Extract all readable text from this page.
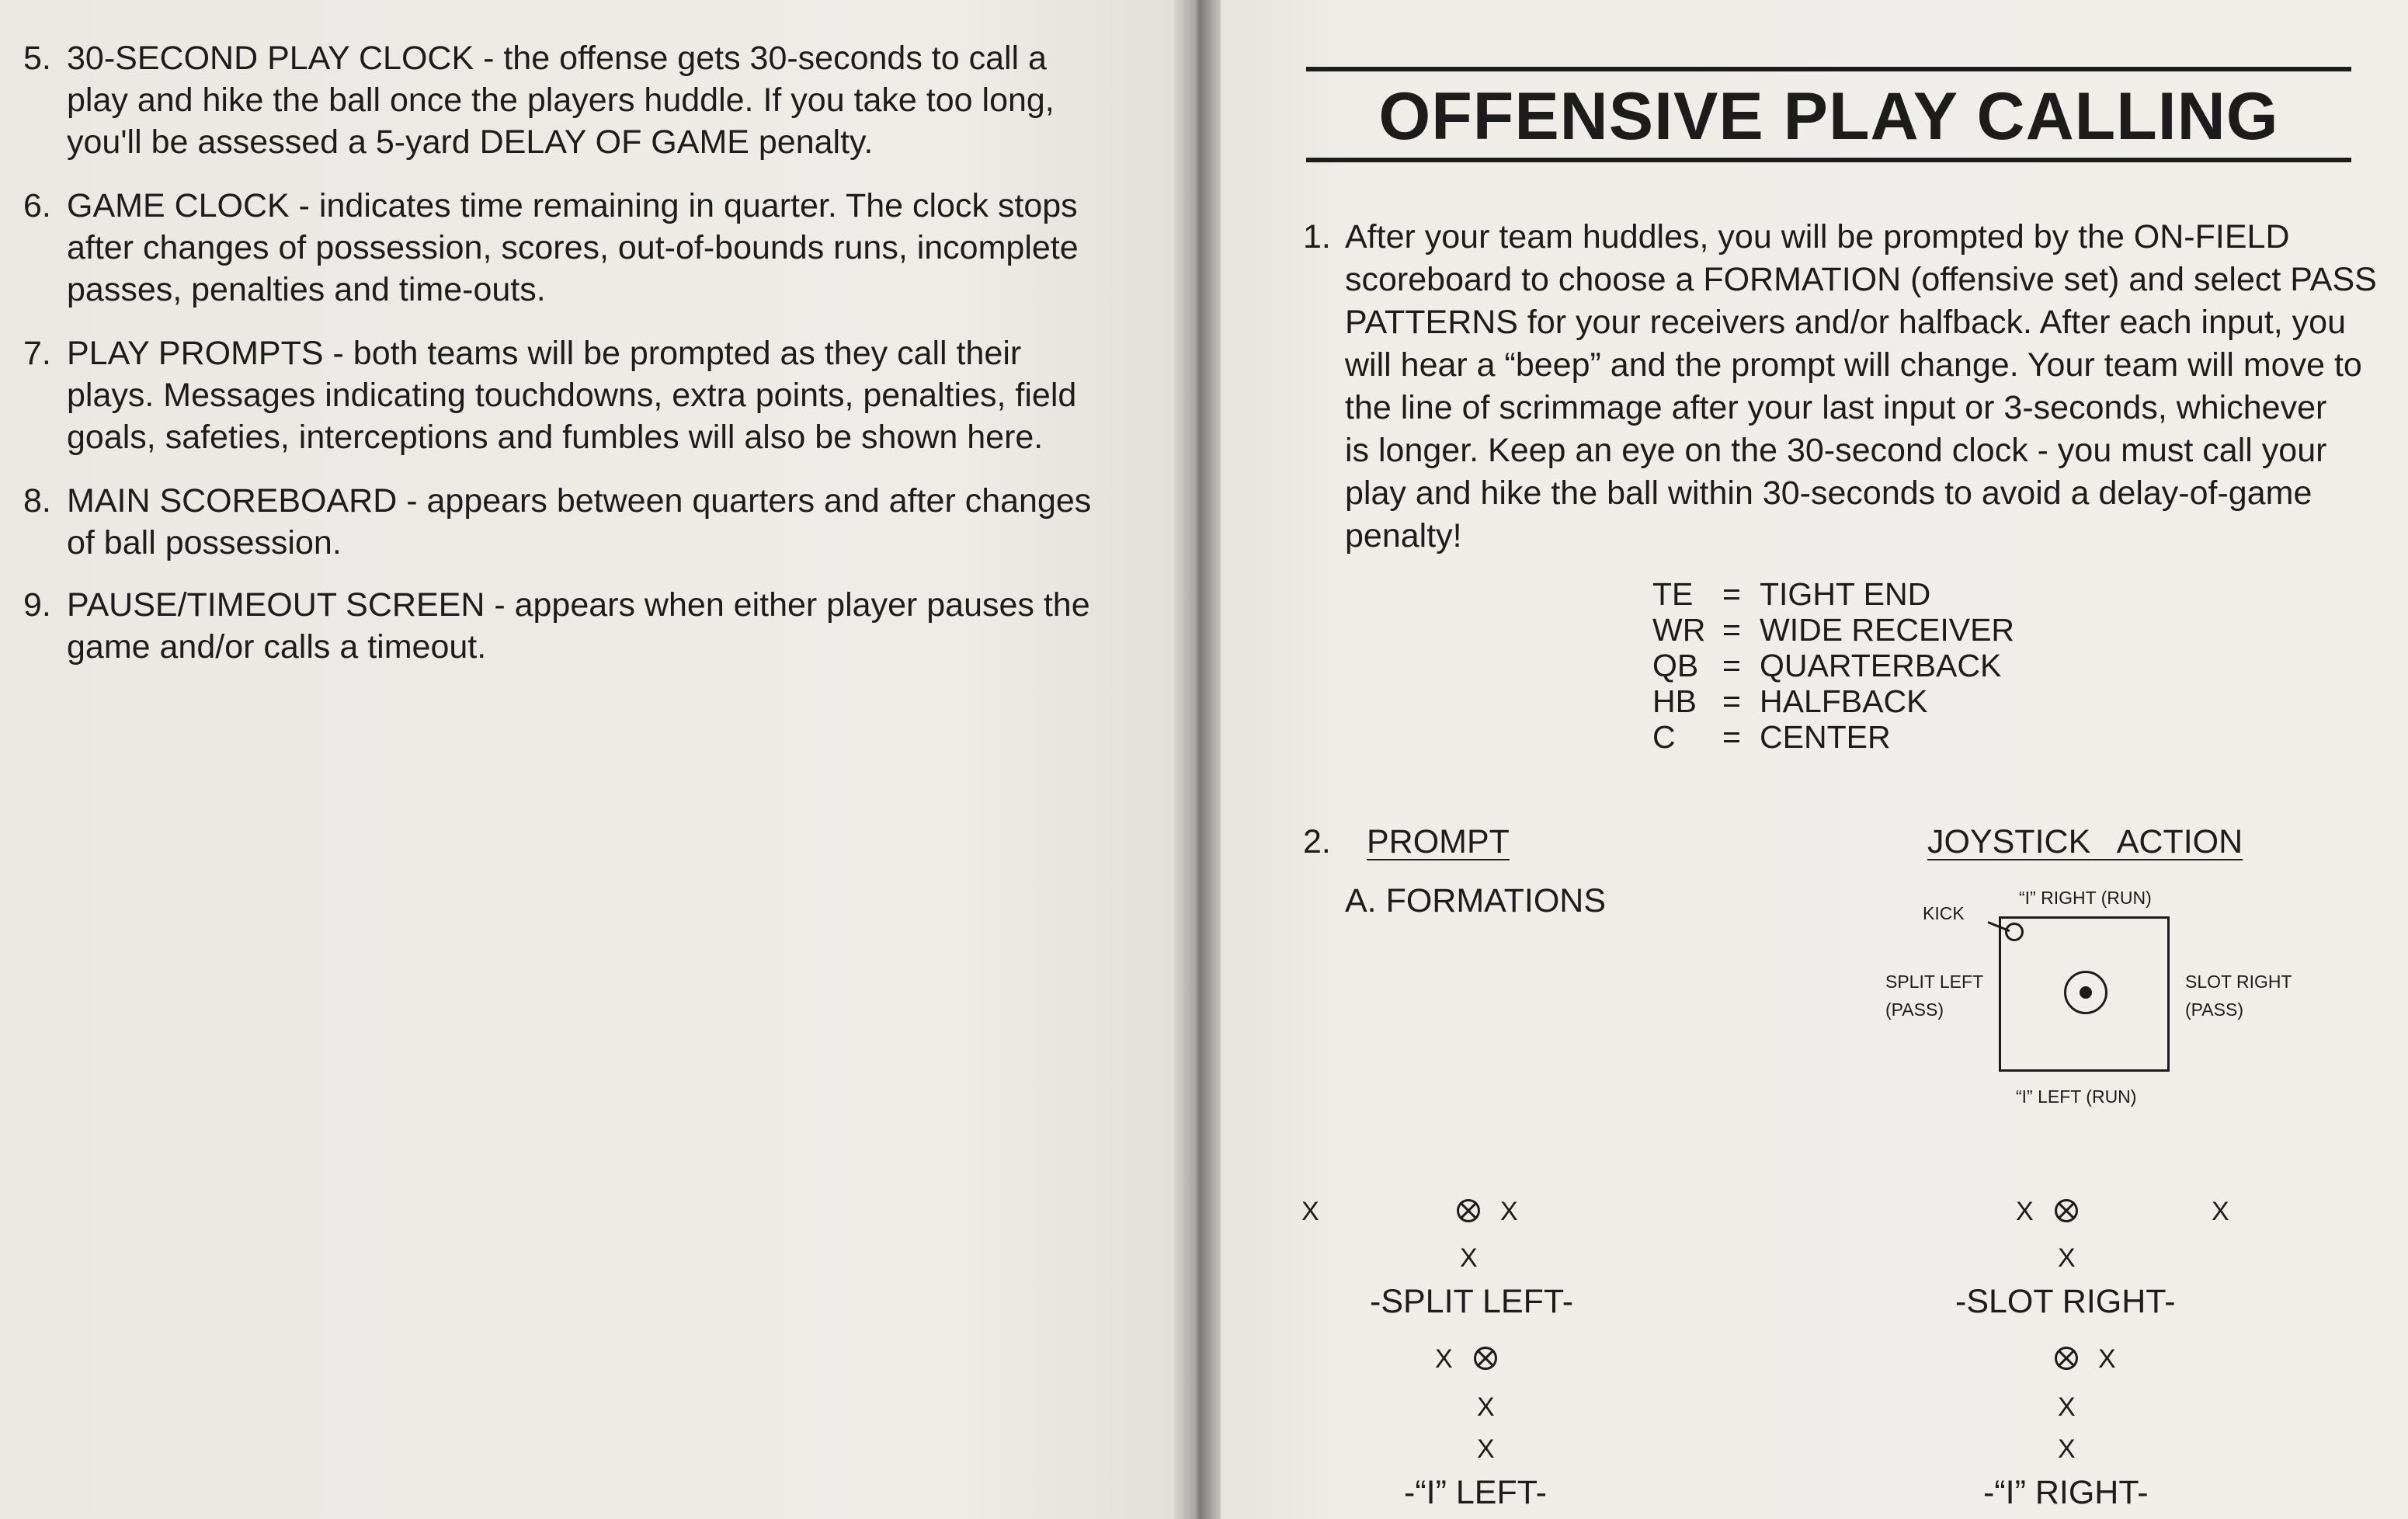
5. 30-SECOND PLAY CLOCK - the offense gets 30-seconds to call a
play and hike the ball once the players huddle. If you take too long,
you'll be assessed a 5-yard DELAY OF GAME penalty.
6. GAME CLOCK - indicates time remaining in quarter. The clock stops
after changes of possession, scores, out-of-bounds runs, incomplete
passes, penalties and time-outs.
7. PLAY PROMPTS - both teams will be prompted as they call their
plays. Messages indicating touchdowns, extra points, penalties, field
goals, safeties, interceptions and fumbles will also be shown here.
8. MAIN SCOREBOARD - appears between quarters and after changes
of ball possession.
9. PAUSE/TIMEOUT SCREEN - appears when either player pauses the
game and/or calls a timeout.
OFFENSIVE PLAY CALLING
1. After your team huddles, you will be prompted by the ON-FIELD
scoreboard to choose a FORMATION (offensive set) and select PASS
PATTERNS for your receivers and/or halfback. After each input, you
will hear a “beep” and the prompt will change. Your team will move to
the line of scrimmage after your last input or 3-seconds, whichever
is longer. Keep an eye on the 30-second clock - you must call your
play and hike the ball within 30-seconds to avoid a delay-of-game
penalty!
TE = TIGHT END
WR = WIDE RECEIVER
QB = QUARTERBACK
HB = HALFBACK
C = CENTER
2. PROMPT	JOYSTICK   ACTION
A. FORMATIONS	KICK
“I” RIGHT (RUN)
“I” LEFT (RUN)
SPLIT LEFT
(PASS)
SLOT RIGHT
(PASS)
X	X
X
-SPLIT LEFT-
X	X
X
-SLOT RIGHT-
X
X
X
-“I” LEFT-
X
X
X
-“I” RIGHT-
